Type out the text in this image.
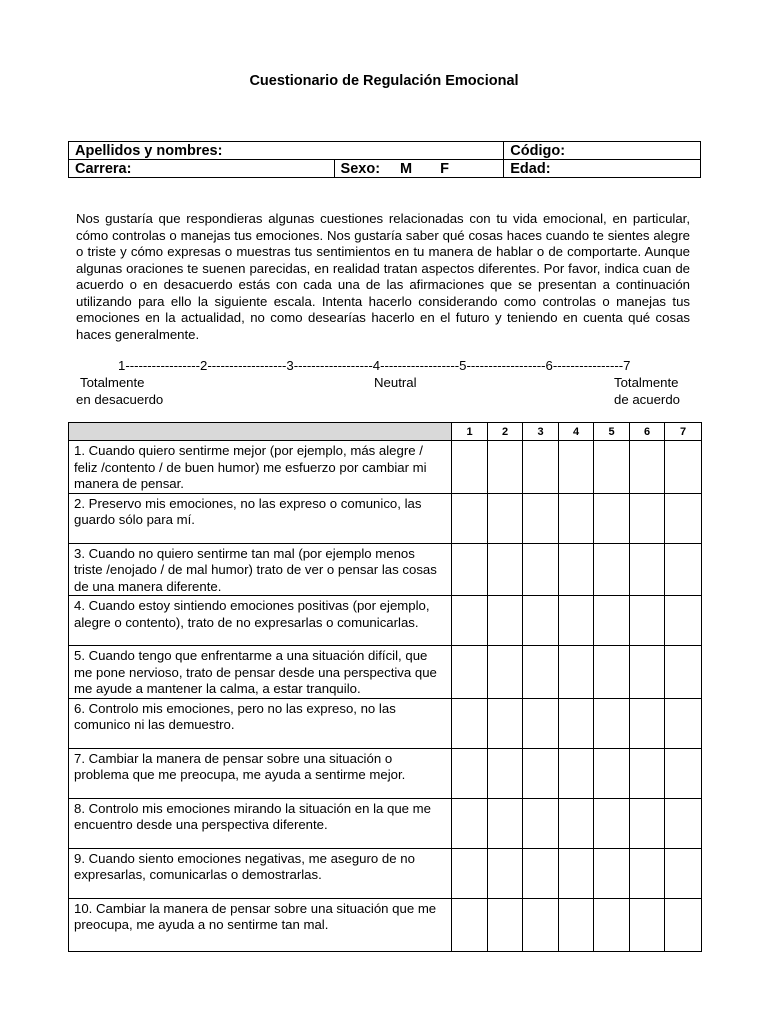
Cuestionario de Regulación Emocional
Apellidos y nombres:		Código:
Carrera:	Sexo: M F	Edad:
Nos gustaría que respondieras algunas cuestiones relacionadas con tu vida emocional, en particular, cómo controlas o manejas tus emociones. Nos gustaría saber qué cosas haces cuando te sientes alegre o triste y cómo expresas o muestras tus sentimientos en tu manera de hablar o de comportarte. Aunque algunas oraciones te suenen parecidas, en realidad tratan aspectos diferentes. Por favor, indica cuan de acuerdo o en desacuerdo estás con cada una de las afirmaciones que se presentan a continuación utilizando para ello la siguiente escala. Intenta hacerlo considerando como controlas o manejas tus emociones en la actualidad, no como desearías hacerlo en el futuro y teniendo en cuenta qué cosas haces generalmente.
1-----------------2------------------3------------------4------------------5------------------6----------------7
Totalmente
en desacuerdo
Neutral	Totalmente
de acuerdo
	1	2	3	4	5	6	7
1. Cuando quiero sentirme mejor (por ejemplo, más alegre / feliz /contento / de buen humor) me esfuerzo por cambiar mi manera de pensar.							
2. Preservo mis emociones, no las expreso o comunico, las guardo sólo para mí.							
3. Cuando no quiero sentirme tan mal (por ejemplo menos triste /enojado / de mal humor) trato de ver o pensar las cosas de una manera diferente.							
4. Cuando estoy sintiendo emociones positivas (por ejemplo, alegre o contento), trato de no expresarlas o comunicarlas.							
5. Cuando tengo que enfrentarme a una situación difícil, que me pone nervioso, trato de pensar desde una perspectiva que me ayude a mantener la calma, a estar tranquilo.							
6. Controlo mis emociones, pero no las expreso, no las comunico ni las demuestro.							
7. Cambiar la manera de pensar sobre una situación o problema que me preocupa, me ayuda a sentirme mejor.							
8. Controlo mis emociones mirando la situación en la que me encuentro desde una perspectiva diferente.							
9. Cuando siento emociones negativas, me aseguro de no expresarlas, comunicarlas o demostrarlas.							
10. Cambiar la manera de pensar sobre una situación que me preocupa, me ayuda a no sentirme tan mal.							
